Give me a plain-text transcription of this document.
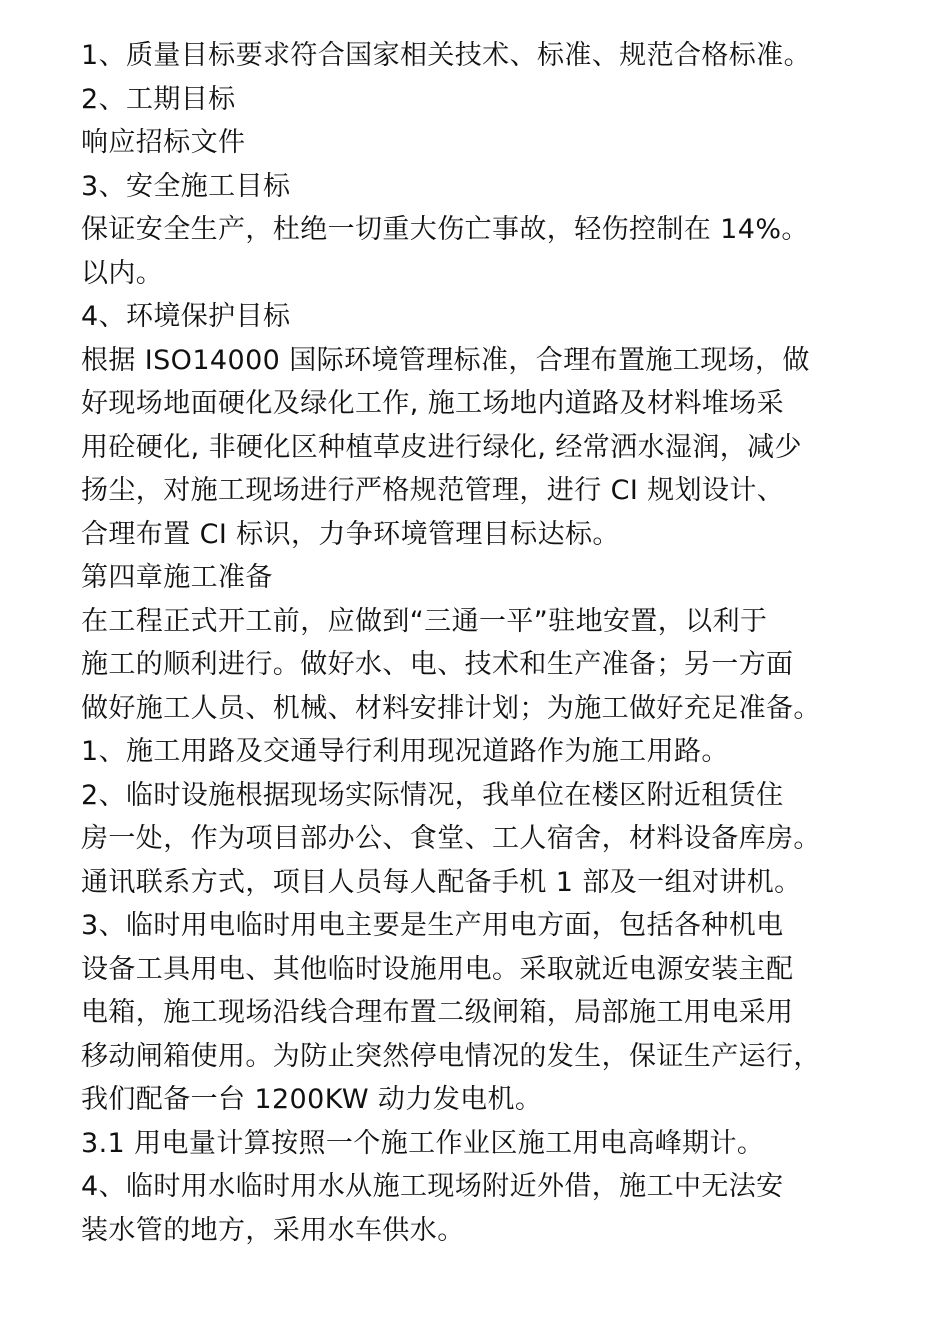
1、质量目标要求符合国家相关技术、标准、规范合格标准。
2、工期目标
响应招标文件
3、安全施工目标
保证安全生产，杜绝一切重大伤亡事故，轻伤控制在 14%。
以内。
4、环境保护目标
根据 ISO14000 国际环境管理标准，合理布置施工现场，做
好现场地面硬化及绿化工作, 施工场地内道路及材料堆场采
用砼硬化, 非硬化区种植草皮进行绿化, 经常洒水湿润，减少
扬尘，对施工现场进行严格规范管理，进行 CI 规划设计、
合理布置 CI 标识，力争环境管理目标达标。
第四章施工准备
在工程正式开工前，应做到“三通一平”驻地安置，以利于
施工的顺利进行。做好水、电、技术和生产准备；另一方面
做好施工人员、机械、材料安排计划；为施工做好充足准备。
1、施工用路及交通导行利用现况道路作为施工用路。
2、临时设施根据现场实际情况，我单位在楼区附近租赁住
房一处，作为项目部办公、食堂、工人宿舍，材料设备库房。
通讯联系方式，项目人员每人配备手机 1 部及一组对讲机。
3、临时用电临时用电主要是生产用电方面，包括各种机电
设备工具用电、其他临时设施用电。采取就近电源安装主配
电箱，施工现场沿线合理布置二级闸箱，局部施工用电采用
移动闸箱使用。为防止突然停电情况的发生，保证生产运行，
我们配备一台 1200KW 动力发电机。
3.1 用电量计算按照一个施工作业区施工用电高峰期计。
4、临时用水临时用水从施工现场附近外借，施工中无法安
装水管的地方，采用水车供水。
